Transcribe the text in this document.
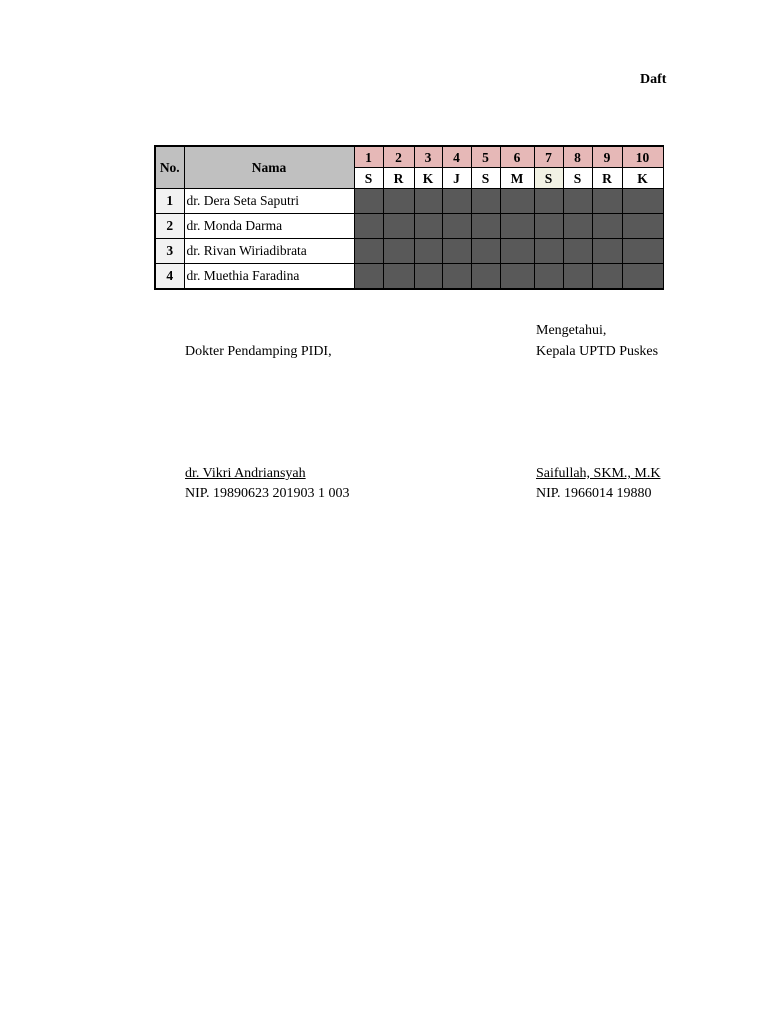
Daft
No.	Nama	1	2	3	4	5	6	7	8	9	10
		S	R	K	J	S	M	S	S	R	K
1	dr. Dera Seta Saputri										
2	dr. Monda Darma										
3	dr. Rivan Wiriadibrata										
4	dr. Muethia Faradina										
Dokter Pendamping PIDI,
dr. Vikri Andriansyah
NIP. 19890623 201903 1 003
Mengetahui,
Kepala UPTD Puskes
Saifullah, SKM., M.K
NIP. 1966014 19880
